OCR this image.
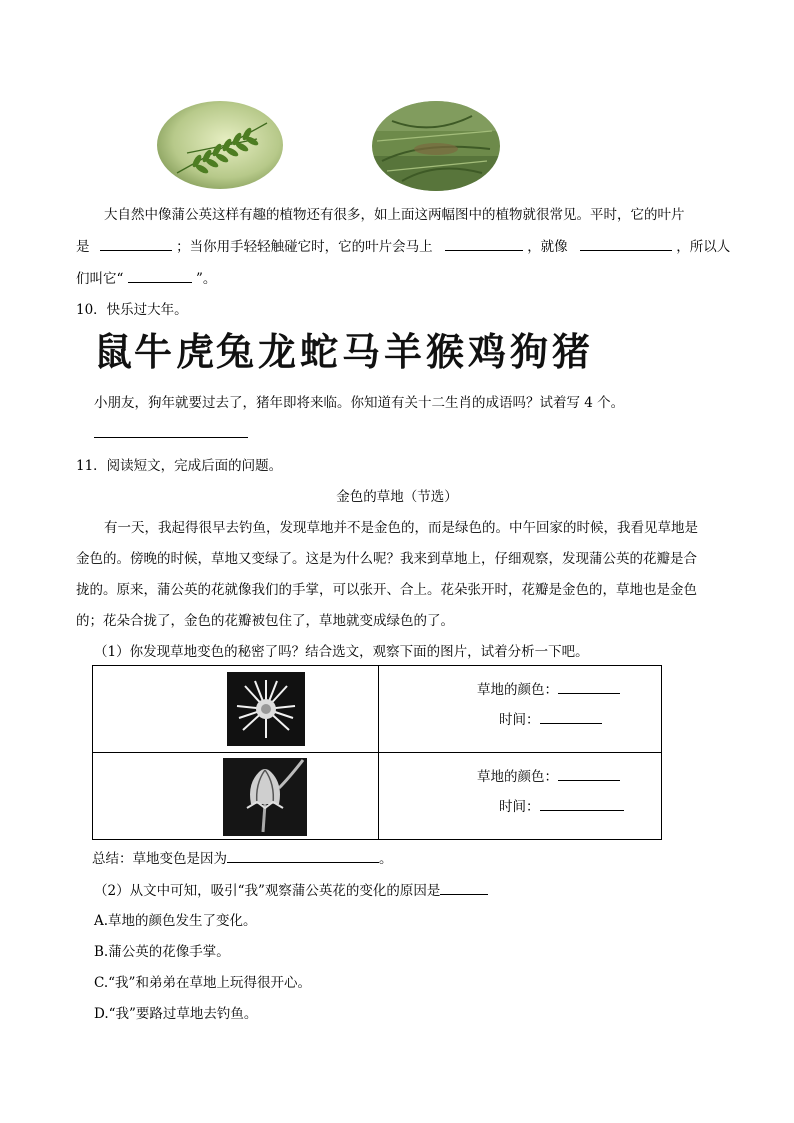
大自然中像蒲公英这样有趣的植物还有很多，如上面这两幅图中的植物就很常见。平时，它的叶片
是	；当你用手轻轻触碰它时，它的叶片会马上	，就像	，所以人
们叫它“	”。
10．快乐过大年。
鼠 牛 虎 兔 龙 蛇 马 羊 猴 鸡 狗 猪
小朋友，狗年就要过去了，猪年即将来临。你知道有关十二生肖的成语吗？试着写 4 个。
11．阅读短文，完成后面的问题。
金色的草地（节选）
有一天，我起得很早去钓鱼，发现草地并不是金色的，而是绿色的。中午回家的时候，我看见草地是
金色的。傍晚的时候，草地又变绿了。这是为什么呢？我来到草地上，仔细观察，发现蒲公英的花瓣是合
拢的。原来，蒲公英的花就像我们的手掌，可以张开、合上。花朵张开时，花瓣是金色的，草地也是金色
的；花朵合拢了，金色的花瓣被包住了，草地就变成绿色的了。
（1）你发现草地变色的秘密了吗？结合选文，观察下面的图片，试着分析一下吧。

草地的颜色：
时间：

草地的颜色：
时间：
总结：草地变色是因为	。
（2）从文中可知，吸引“我”观察蒲公英花的变化的原因是
A.草地的颜色发生了变化。
B.蒲公英的花像手掌。
C.“我”和弟弟在草地上玩得很开心。
D.“我”要路过草地去钓鱼。
